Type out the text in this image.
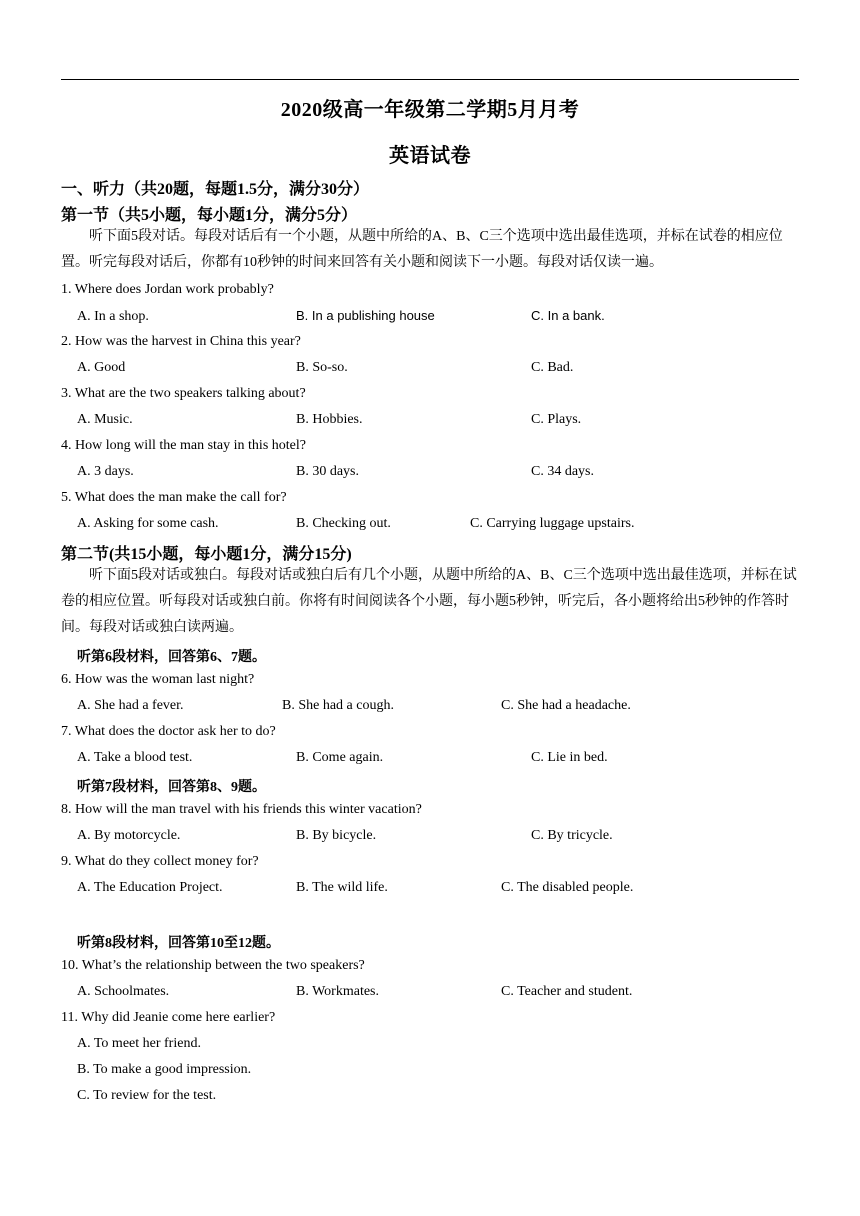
2020级高一年级第二学期5月月考
英语试卷
一、听力（共20题，每题1.5分，满分30分）
第一节（共5小题，每小题1分，满分5分）
听下面5段对话。每段对话后有一个小题，从题中所给的A、B、C三个选项中选出最佳选项，并标在试卷的相应位置。听完每段对话后，你都有10秒钟的时间来回答有关小题和阅读下一小题。每段对话仅读一遍。
1. Where does Jordan work probably?
A. In a shop.	B. In a publishing house	C. In a bank.
2. How was the harvest in China this year?
A. Good	B. So-so.	C. Bad.
3. What are the two speakers talking about?
A. Music.	B. Hobbies.	C. Plays.
4. How long will the man stay in this hotel?
A. 3 days.	B. 30 days.	C. 34 days.
5. What does the man make the call for?
A. Asking for some cash.	B. Checking out.	C. Carrying luggage upstairs.
第二节(共15小题，每小题1分，满分15分)
听下面5段对话或独白。每段对话或独白后有几个小题，从题中所给的A、B、C三个选项中选出最佳选项，并标在试卷的相应位置。听每段对话或独白前。你将有时间阅读各个小题，每小题5秒钟，听完后，各小题将给出5秒钟的作答时间。每段对话或独白读两遍。
听第6段材料，回答第6、7题。
6. How was the woman last night?
A. She had a fever.	B. She had a cough.	C. She had a headache.
7. What does the doctor ask her to do?
A. Take a blood test.	B. Come again.	C. Lie in bed.
听第7段材料，回答第8、9题。
8. How will the man travel with his friends this winter vacation?
A. By motorcycle.	B. By bicycle.	C. By tricycle.
9. What do they collect money for?
A. The Education Project.	B. The wild life.	C. The disabled people.
听第8段材料，回答第10至12题。
10. What’s the relationship between the two speakers?
A. Schoolmates.	B. Workmates.	C. Teacher and student.
11. Why did Jeanie come here earlier?
A. To meet her friend.
B. To make a good impression.
C. To review for the test.
